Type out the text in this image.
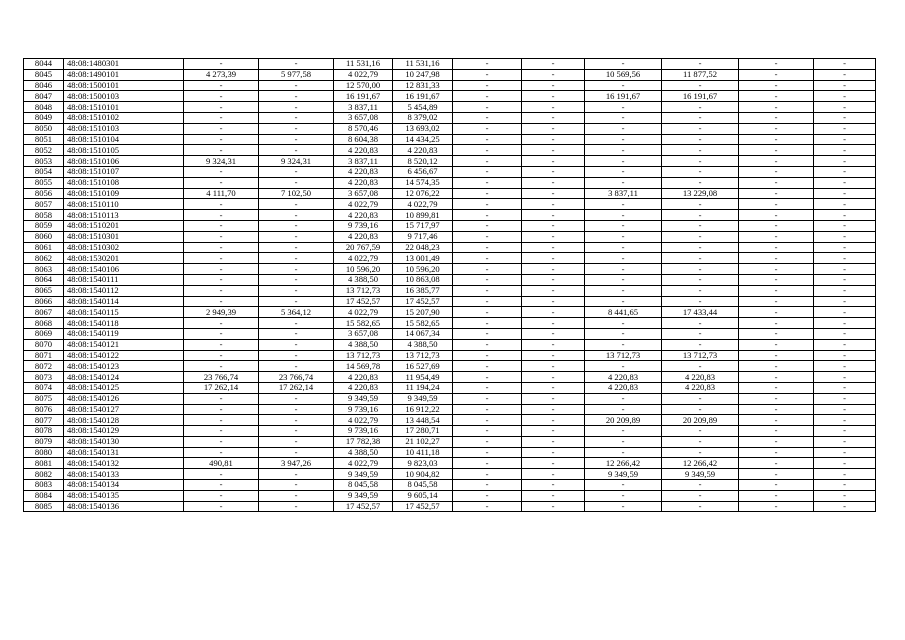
8044	48:08:1480301	-	-	11 531,16	11 531,16	-	-	-	-	-	-
8045	48:08:1490101	4 273,39	5 977,58	4 022,79	10 247,98	-	-	10 569,56	11 877,52	-	-
8046	48:08:1500101	-	-	12 570,00	12 831,33	-	-	-	-	-	-
8047	48:08:1500103	-	-	16 191,67	16 191,67	-	-	16 191,67	16 191,67	-	-
8048	48:08:1510101	-	-	3 837,11	5 454,89	-	-	-	-	-	-
8049	48:08:1510102	-	-	3 657,08	8 379,02	-	-	-	-	-	-
8050	48:08:1510103	-	-	8 570,46	13 693,02	-	-	-	-	-	-
8051	48:08:1510104	-	-	8 604,38	14 434,25	-	-	-	-	-	-
8052	48:08:1510105	-	-	4 220,83	4 220,83	-	-	-	-	-	-
8053	48:08:1510106	9 324,31	9 324,31	3 837,11	8 520,12	-	-	-	-	-	-
8054	48:08:1510107	-	-	4 220,83	6 456,67	-	-	-	-	-	-
8055	48:08:1510108	-	-	4 220,83	14 574,35	-	-	-	-	-	-
8056	48:08:1510109	4 111,70	7 102,50	3 657,08	12 076,22	-	-	3 837,11	13 229,08	-	-
8057	48:08:1510110	-	-	4 022,79	4 022,79	-	-	-	-	-	-
8058	48:08:1510113	-	-	4 220,83	10 899,81	-	-	-	-	-	-
8059	48:08:1510201	-	-	9 739,16	15 717,97	-	-	-	-	-	-
8060	48:08:1510301	-	-	4 220,83	9 717,46	-	-	-	-	-	-
8061	48:08:1510302	-	-	20 767,59	22 048,23	-	-	-	-	-	-
8062	48:08:1530201	-	-	4 022,79	13 001,49	-	-	-	-	-	-
8063	48:08:1540106	-	-	10 596,20	10 596,20	-	-	-	-	-	-
8064	48:08:1540111	-	-	4 388,50	10 863,08	-	-	-	-	-	-
8065	48:08:1540112	-	-	13 712,73	16 385,77	-	-	-	-	-	-
8066	48:08:1540114	-	-	17 452,57	17 452,57	-	-	-	-	-	-
8067	48:08:1540115	2 949,39	5 364,12	4 022,79	15 207,90	-	-	8 441,65	17 433,44	-	-
8068	48:08:1540118	-	-	15 582,65	15 582,65	-	-	-	-	-	-
8069	48:08:1540119	-	-	3 657,08	14 067,34	-	-	-	-	-	-
8070	48:08:1540121	-	-	4 388,50	4 388,50	-	-	-	-	-	-
8071	48:08:1540122	-	-	13 712,73	13 712,73	-	-	13 712,73	13 712,73	-	-
8072	48:08:1540123	-	-	14 569,78	16 527,69	-	-	-	-	-	-
8073	48:08:1540124	23 766,74	23 766,74	4 220,83	11 954,49	-	-	4 220,83	4 220,83	-	-
8074	48:08:1540125	17 262,14	17 262,14	4 220,83	11 194,24	-	-	4 220,83	4 220,83	-	-
8075	48:08:1540126	-	-	9 349,59	9 349,59	-	-	-	-	-	-
8076	48:08:1540127	-	-	9 739,16	16 912,22	-	-	-	-	-	-
8077	48:08:1540128	-	-	4 022,79	13 448,54	-	-	20 209,89	20 209,89	-	-
8078	48:08:1540129	-	-	9 739,16	17 280,71	-	-	-	-	-	-
8079	48:08:1540130	-	-	17 782,38	21 102,27	-	-	-	-	-	-
8080	48:08:1540131	-	-	4 388,50	10 411,18	-	-	-	-	-	-
8081	48:08:1540132	490,81	3 947,26	4 022,79	9 823,03	-	-	12 266,42	12 266,42	-	-
8082	48:08:1540133	-	-	9 349,59	10 904,82	-	-	9 349,59	9 349,59	-	-
8083	48:08:1540134	-	-	8 045,58	8 045,58	-	-	-	-	-	-
8084	48:08:1540135	-	-	9 349,59	9 605,14	-	-	-	-	-	-
8085	48:08:1540136	-	-	17 452,57	17 452,57	-	-	-	-	-	-
